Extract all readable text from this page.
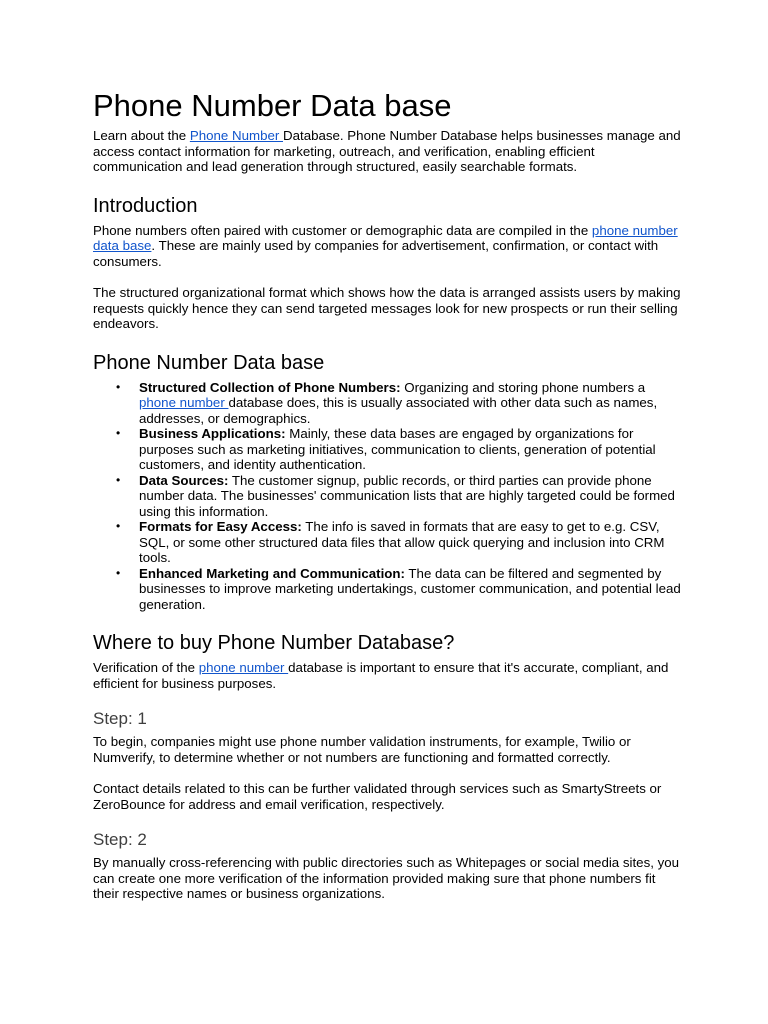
Phone Number Data base

Learn about the Phone Number Database. Phone Number Database helps businesses manage and access contact information for marketing, outreach, and verification, enabling efficient communication and lead generation through structured, easily searchable formats.

Introduction

Phone numbers often paired with customer or demographic data are compiled in the phone number data base. These are mainly used by companies for advertisement, confirmation, or contact with consumers.

The structured organizational format which shows how the data is arranged assists users by making requests quickly hence they can send targeted messages look for new prospects or run their selling endeavors.

Phone Number Data base
• Structured Collection of Phone Numbers: Organizing and storing phone numbers a phone number database does, this is usually associated with other data such as names, addresses, or demographics.
• Business Applications: Mainly, these data bases are engaged by organizations for purposes such as marketing initiatives, communication to clients, generation of potential customers, and identity authentication.
• Data Sources: The customer signup, public records, or third parties can provide phone number data. The businesses' communication lists that are highly targeted could be formed using this information.
• Formats for Easy Access: The info is saved in formats that are easy to get to e.g. CSV, SQL, or some other structured data files that allow quick querying and inclusion into CRM tools.
• Enhanced Marketing and Communication: The data can be filtered and segmented by businesses to improve marketing undertakings, customer communication, and potential lead generation.
Where to buy Phone Number Database?

Verification of the phone number database is important to ensure that it's accurate, compliant, and efficient for business purposes.

Step: 1

To begin, companies might use phone number validation instruments, for example, Twilio or Numverify, to determine whether or not numbers are functioning and formatted correctly.

Contact details related to this can be further validated through services such as SmartyStreets or ZeroBounce for address and email verification, respectively.

Step: 2

By manually cross-referencing with public directories such as Whitepages or social media sites, you can create one more verification of the information provided making sure that phone numbers fit their respective names or business organizations.
